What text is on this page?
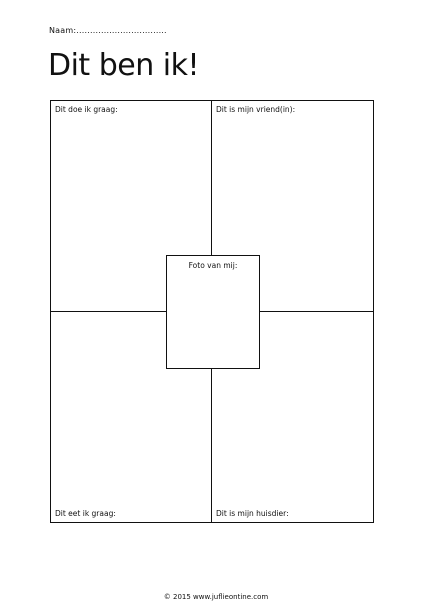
Naam:.................................
Dit ben ik!
Dit doe ik graag:	Dit is mijn vriend(in):
Dit eet ik graag:	Dit is mijn huisdier:
Foto van mij:
© 2015 www.juflieontine.com
